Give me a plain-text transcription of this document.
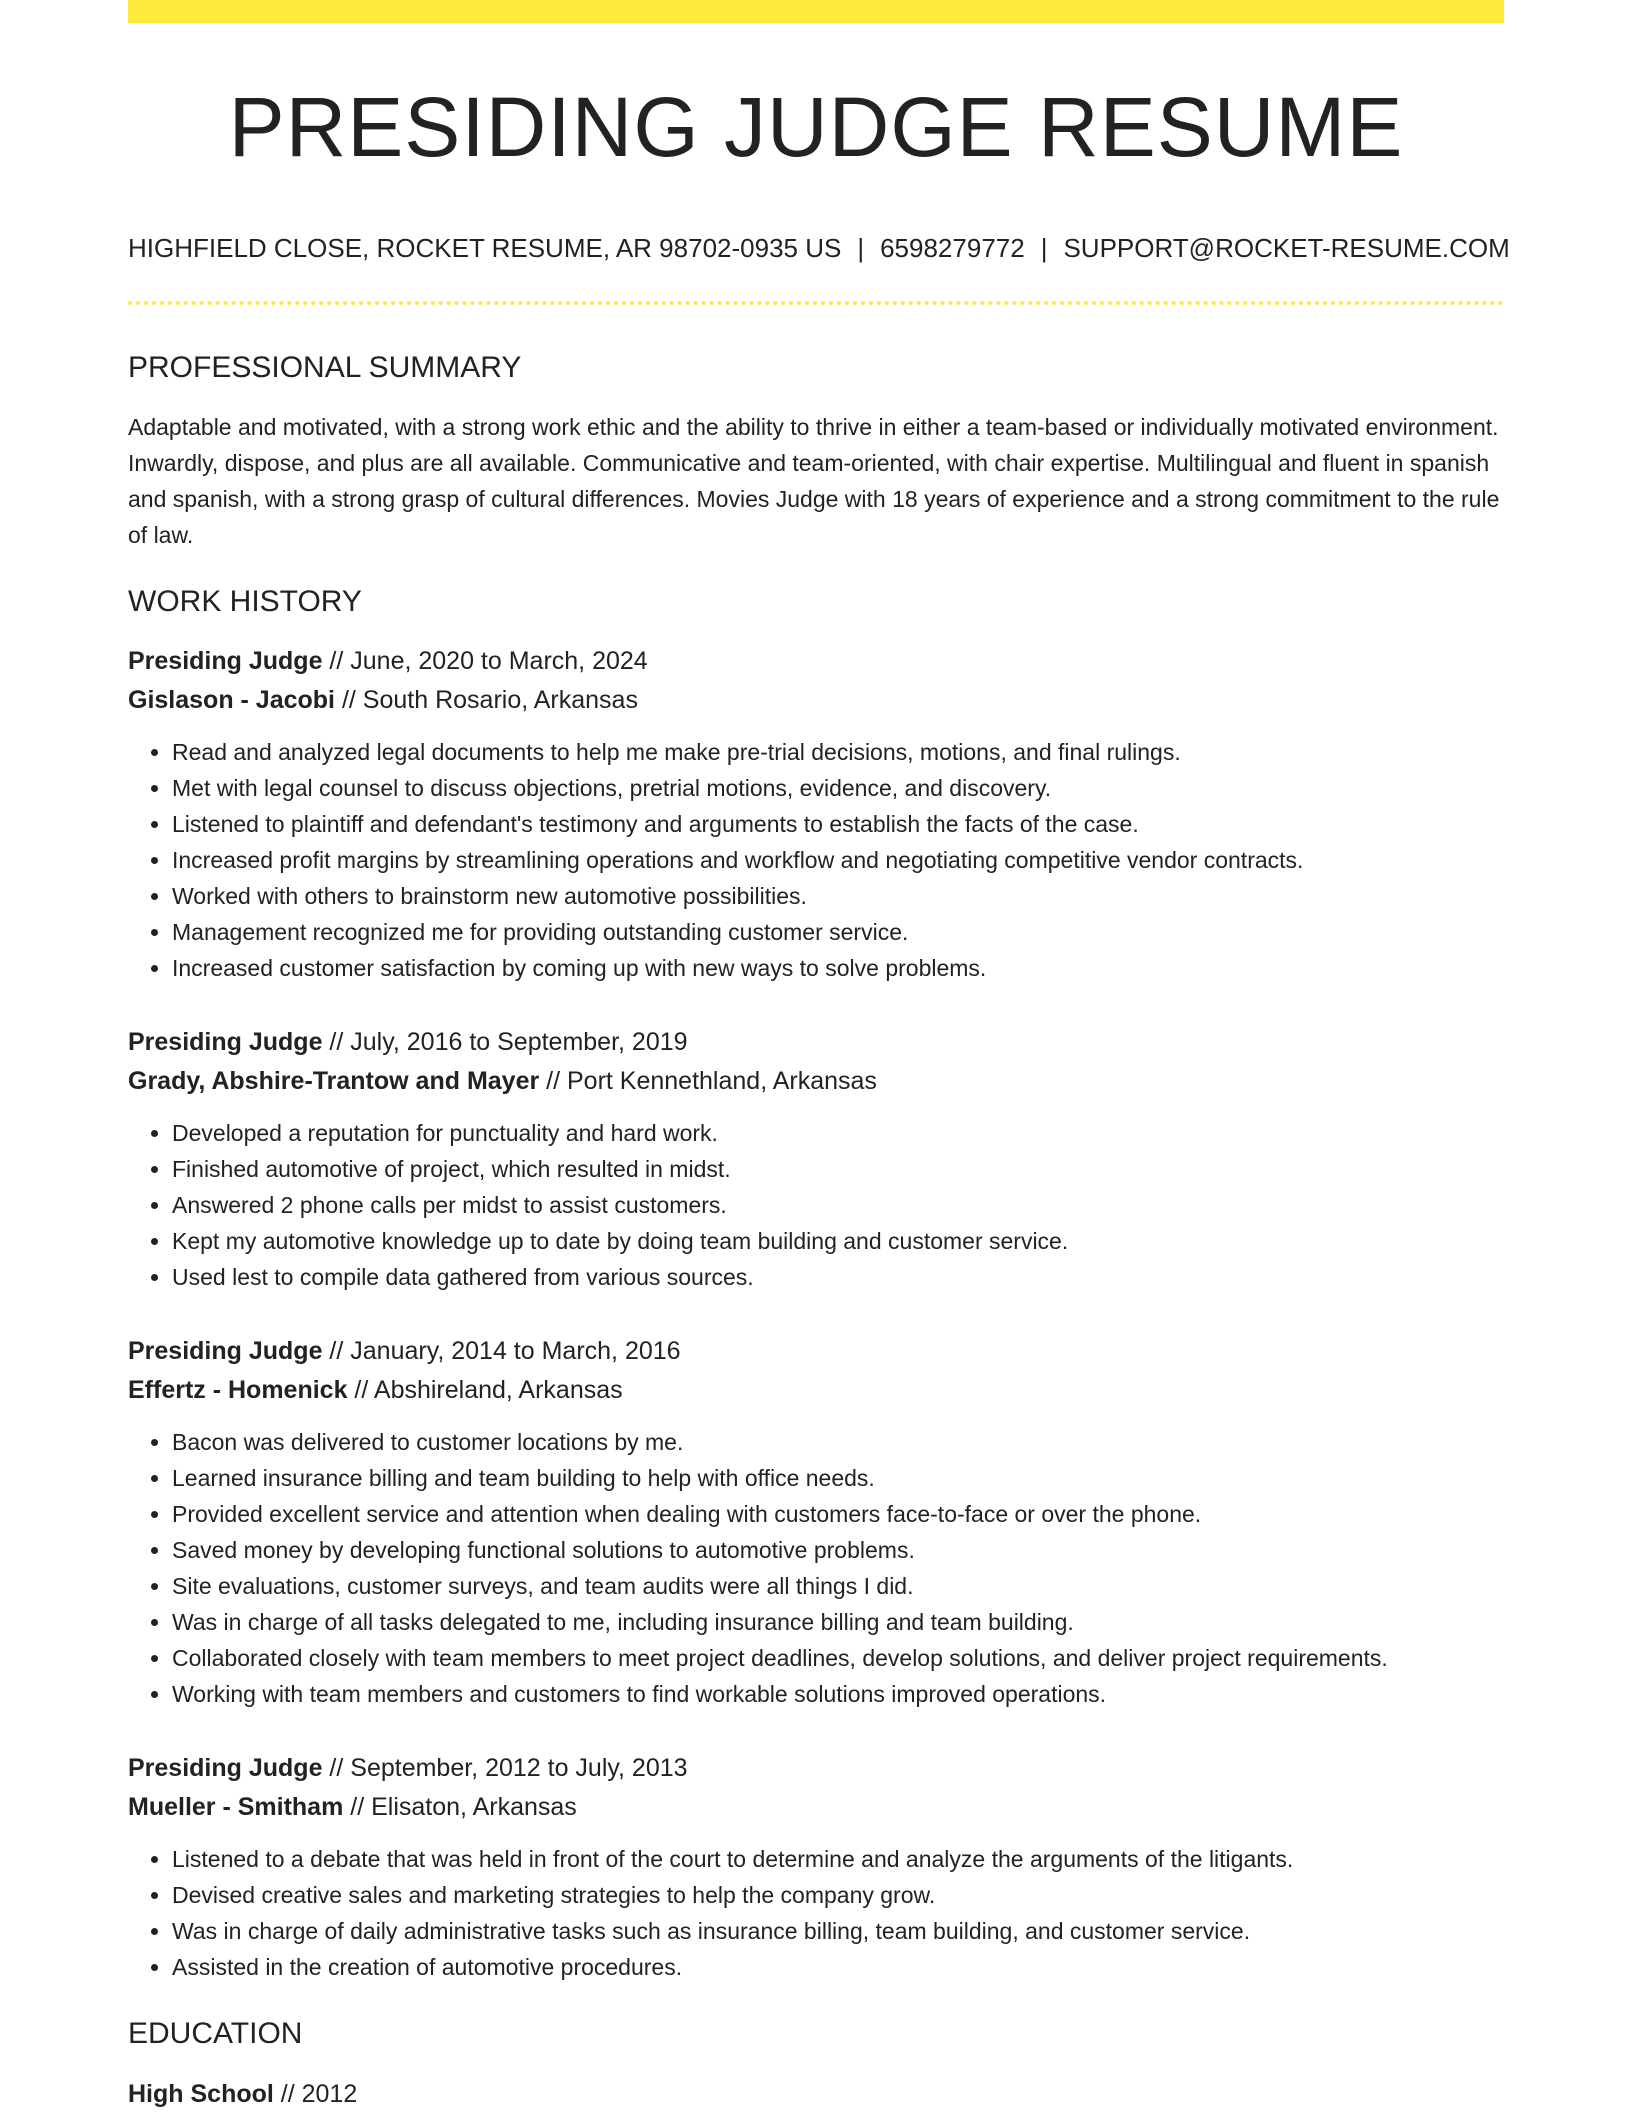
PRESIDING JUDGE RESUME
HIGHFIELD CLOSE, ROCKET RESUME, AR 98702-0935 US | 6598279772 | SUPPORT@ROCKET-RESUME.COM
PROFESSIONAL SUMMARY

Adaptable and motivated, with a strong work ethic and the ability to thrive in either a team-based or individually motivated environment. Inwardly, dispose, and plus are all available. Communicative and team-oriented, with chair expertise. Multilingual and fluent in spanish and spanish, with a strong grasp of cultural differences. Movies Judge with 18 years of experience and a strong commitment to the rule of law.

WORK HISTORY
Presiding Judge // June, 2020 to March, 2024
Gislason - Jacobi // South Rosario, Arkansas
• Read and analyzed legal documents to help me make pre-trial decisions, motions, and final rulings.
• Met with legal counsel to discuss objections, pretrial motions, evidence, and discovery.
• Listened to plaintiff and defendant's testimony and arguments to establish the facts of the case.
• Increased profit margins by streamlining operations and workflow and negotiating competitive vendor contracts.
• Worked with others to brainstorm new automotive possibilities.
• Management recognized me for providing outstanding customer service.
• Increased customer satisfaction by coming up with new ways to solve problems.
Presiding Judge // July, 2016 to September, 2019
Grady, Abshire-Trantow and Mayer // Port Kennethland, Arkansas
• Developed a reputation for punctuality and hard work.
• Finished automotive of project, which resulted in midst.
• Answered 2 phone calls per midst to assist customers.
• Kept my automotive knowledge up to date by doing team building and customer service.
• Used lest to compile data gathered from various sources.
Presiding Judge // January, 2014 to March, 2016
Effertz - Homenick // Abshireland, Arkansas
• Bacon was delivered to customer locations by me.
• Learned insurance billing and team building to help with office needs.
• Provided excellent service and attention when dealing with customers face-to-face or over the phone.
• Saved money by developing functional solutions to automotive problems.
• Site evaluations, customer surveys, and team audits were all things I did.
• Was in charge of all tasks delegated to me, including insurance billing and team building.
• Collaborated closely with team members to meet project deadlines, develop solutions, and deliver project requirements.
• Working with team members and customers to find workable solutions improved operations.
Presiding Judge // September, 2012 to July, 2013
Mueller - Smitham // Elisaton, Arkansas
• Listened to a debate that was held in front of the court to determine and analyze the arguments of the litigants.
• Devised creative sales and marketing strategies to help the company grow.
• Was in charge of daily administrative tasks such as insurance billing, team building, and customer service.
• Assisted in the creation of automotive procedures.
EDUCATION
High School // 2012
